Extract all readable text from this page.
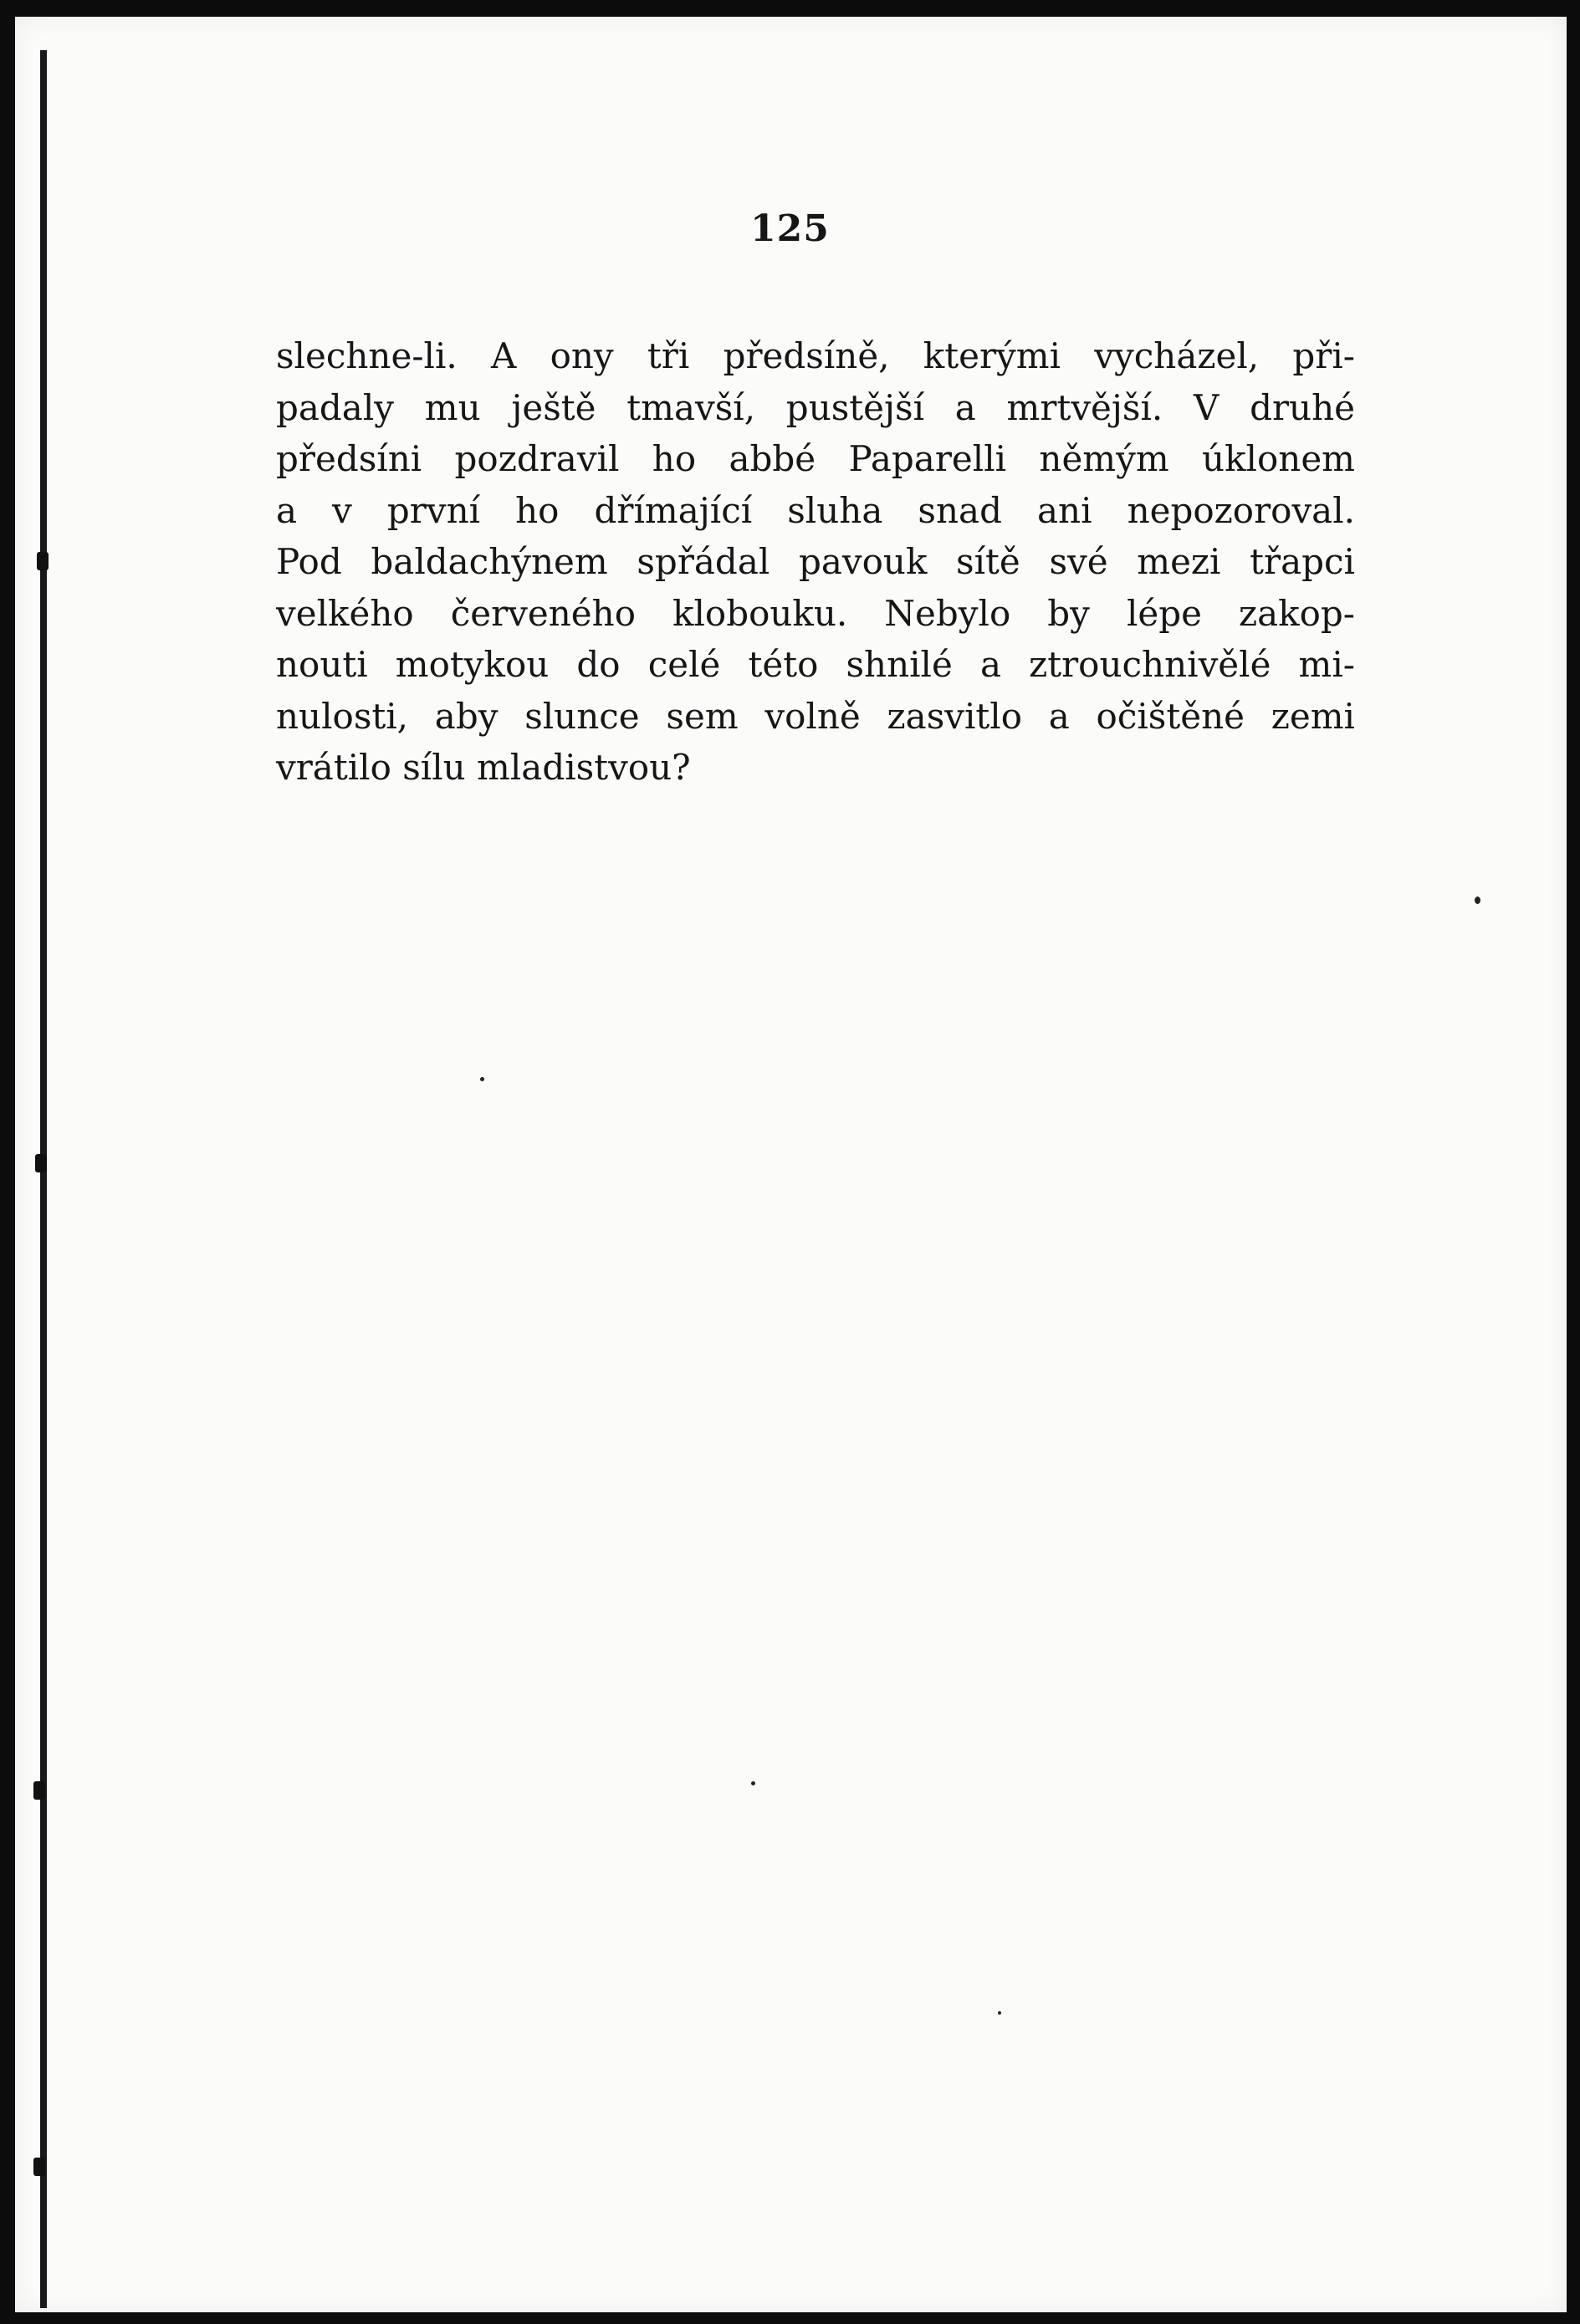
125
slechne-li. A ony tři předsíně, kterými vycházel, při-
padaly mu ještě tmavší, pustější a mrtvější. V druhé
předsíni pozdravil ho abbé Paparelli němým úklonem
a v první ho dřímající sluha snad ani nepozoroval.
Pod baldachýnem spřádal pavouk sítě své mezi třapci
velkého červeného klobouku. Nebylo by lépe zakop-
nouti motykou do celé této shnilé a ztrouchnivělé mi-
nulosti, aby slunce sem volně zasvitlo a očištěné zemi
vrátilo sílu mladistvou?
